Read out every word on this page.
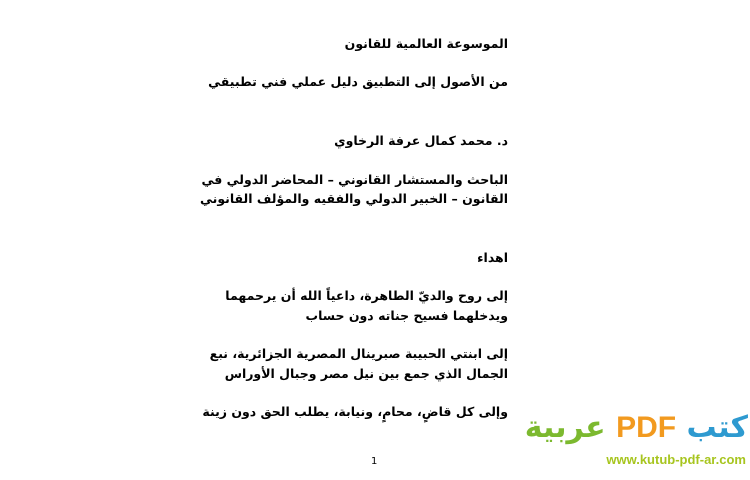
الموسوعة العالمية للقانون
من الأصول إلى التطبيق دليل عملي فني تطبيقي
د. محمد كمال عرفة الرخاوي
الباحث والمستشار القانوني – المحاضر الدولي في
القانون – الخبير الدولي والفقيه والمؤلف القانوني
اهداء
إلى روح والديّ الطاهرة، داعياً الله أن يرحمهما
ويدخلهما فسيح جناته دون حساب
إلى ابنتي الحبيبة صبرينال المصرية الجزائرية، نبع
الجمال الذي جمع بين نيل مصر وجبال الأوراس
وإلى كل قاضٍ، محامٍ، ونيابة، يطلب الحق دون زينة
1
كتب PDF عربية
www.kutub-pdf-ar.com
